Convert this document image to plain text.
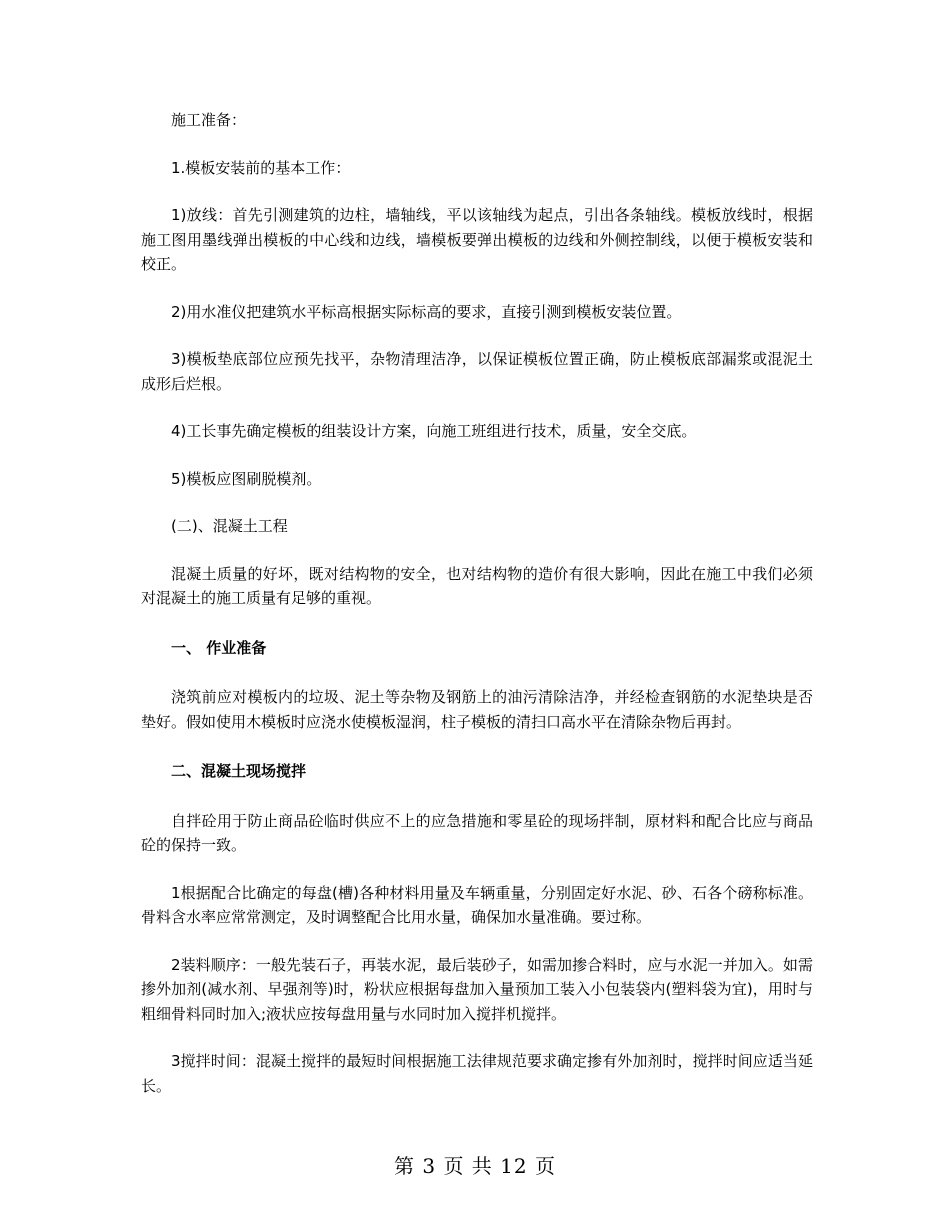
施工准备：

1.模板安装前的基本工作：

1)放线：首先引测建筑的边柱，墙轴线，平以该轴线为起点，引出各条轴线。模板放线时，根据施工图用墨线弹出模板的中心线和边线，墙模板要弹出模板的边线和外侧控制线，以便于模板安装和校正。

2)用水准仪把建筑水平标高根据实际标高的要求，直接引测到模板安装位置。

3)模板垫底部位应预先找平，杂物清理洁净，以保证模板位置正确，防止模板底部漏浆或混泥土成形后烂根。

4)工长事先确定模板的组装设计方案，向施工班组进行技术，质量，安全交底。

5)模板应图刷脱模剂。

(二)、混凝土工程

混凝土质量的好坏，既对结构物的安全，也对结构物的造价有很大影响，因此在施工中我们必须对混凝土的施工质量有足够的重视。

一、 作业准备

浇筑前应对模板内的垃圾、泥土等杂物及钢筋上的油污清除洁净，并经检查钢筋的水泥垫块是否垫好。假如使用木模板时应浇水使模板湿润，柱子模板的清扫口高水平在清除杂物后再封。

二、混凝土现场搅拌

自拌砼用于防止商品砼临时供应不上的应急措施和零星砼的现场拌制，原材料和配合比应与商品砼的保持一致。

1根据配合比确定的每盘(槽)各种材料用量及车辆重量，分别固定好水泥、砂、石各个磅称标准。骨料含水率应常常测定，及时调整配合比用水量，确保加水量准确。要过称。

2装料顺序：一般先装石子，再装水泥，最后装砂子，如需加掺合料时，应与水泥一并加入。如需掺外加剂(减水剂、早强剂等)时，粉状应根据每盘加入量预加工装入小包装袋内(塑料袋为宜)，用时与粗细骨料同时加入;液状应按每盘用量与水同时加入搅拌机搅拌。

3搅拌时间：混凝土搅拌的最短时间根据施工法律规范要求确定掺有外加剂时，搅拌时间应适当延长。

第 3 页 共 12 页
